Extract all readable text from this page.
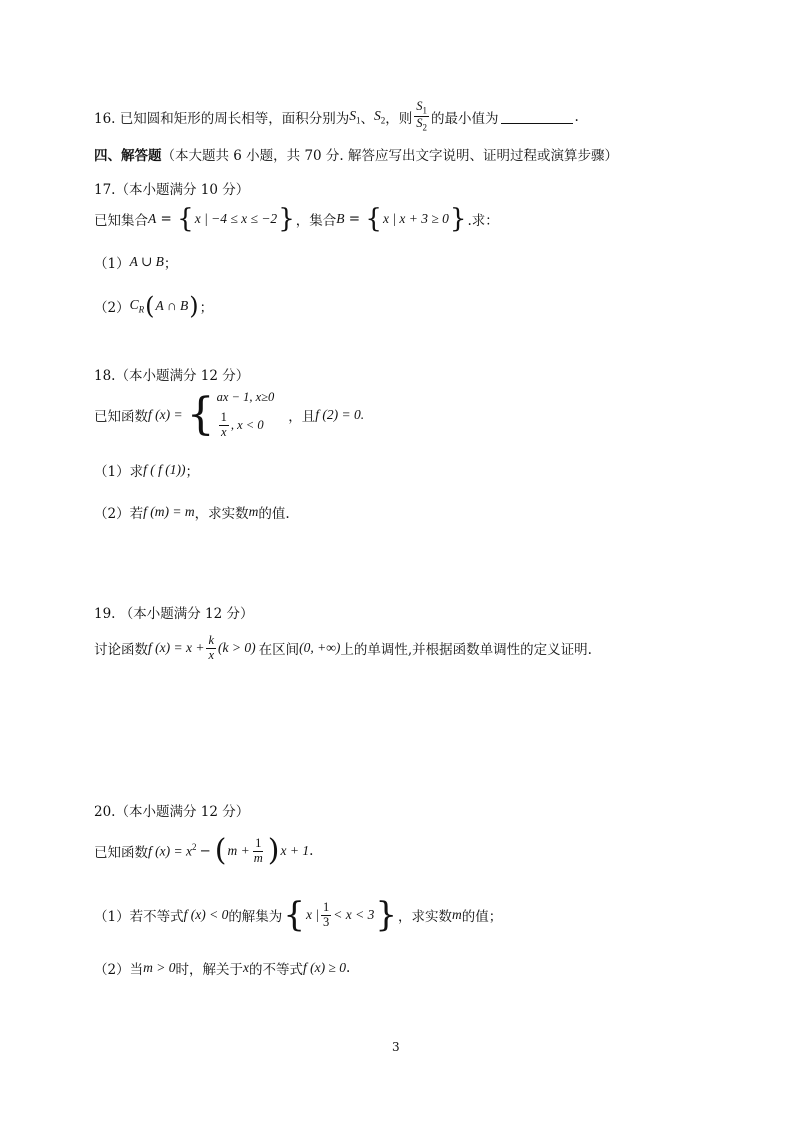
16. 已知圆和矩形的周长相等，面积分别为 $S_1$ 、 $S_2$ ，则 $\frac{S_1}{S_2}$ 的最小值为	.
四、解答题 （本大题共 6 小题，共 70 分. 解答应写出文字说明、证明过程或演算步骤）
17.（本小题满分 10 分）
已知集合 A = { x | −4 ≤ x ≤ −2 } ，集合 B = { x | x + 3 ≥ 0 } .求：
（1） A ∪ B ；
（2） $C_R$ ( A ∩ B ) ；
18.（本小题满分 12 分）
已知函数 f (x) = { ax − 1, x≥0
$\frac{1}{x}$ , x < 0 ，且 f (2) = 0.
（1）求 f ( f (1)) ；
（2）若 f (m) = m ，求实数 m 的值.
19. （本小题满分 12 分）
讨论函数 f $(x) = x + \frac{k}{x} (k > 0)$ 在区间 (0, +∞) 上的单调性,并根据函数单调性的定义证明.
20.（本小题满分 12 分）
已知函数 f $(x) = x^2$ − ( $m + \frac{1}{m}$ ) x + 1 .
（1）若不等式 f (x) < 0 的解集为 { x | $\frac{1}{3} < x < 3$ } ，求实数 m 的值；
（2）当 m > 0 时，解关于 x 的不等式 f (x) ≥ 0 .
3
